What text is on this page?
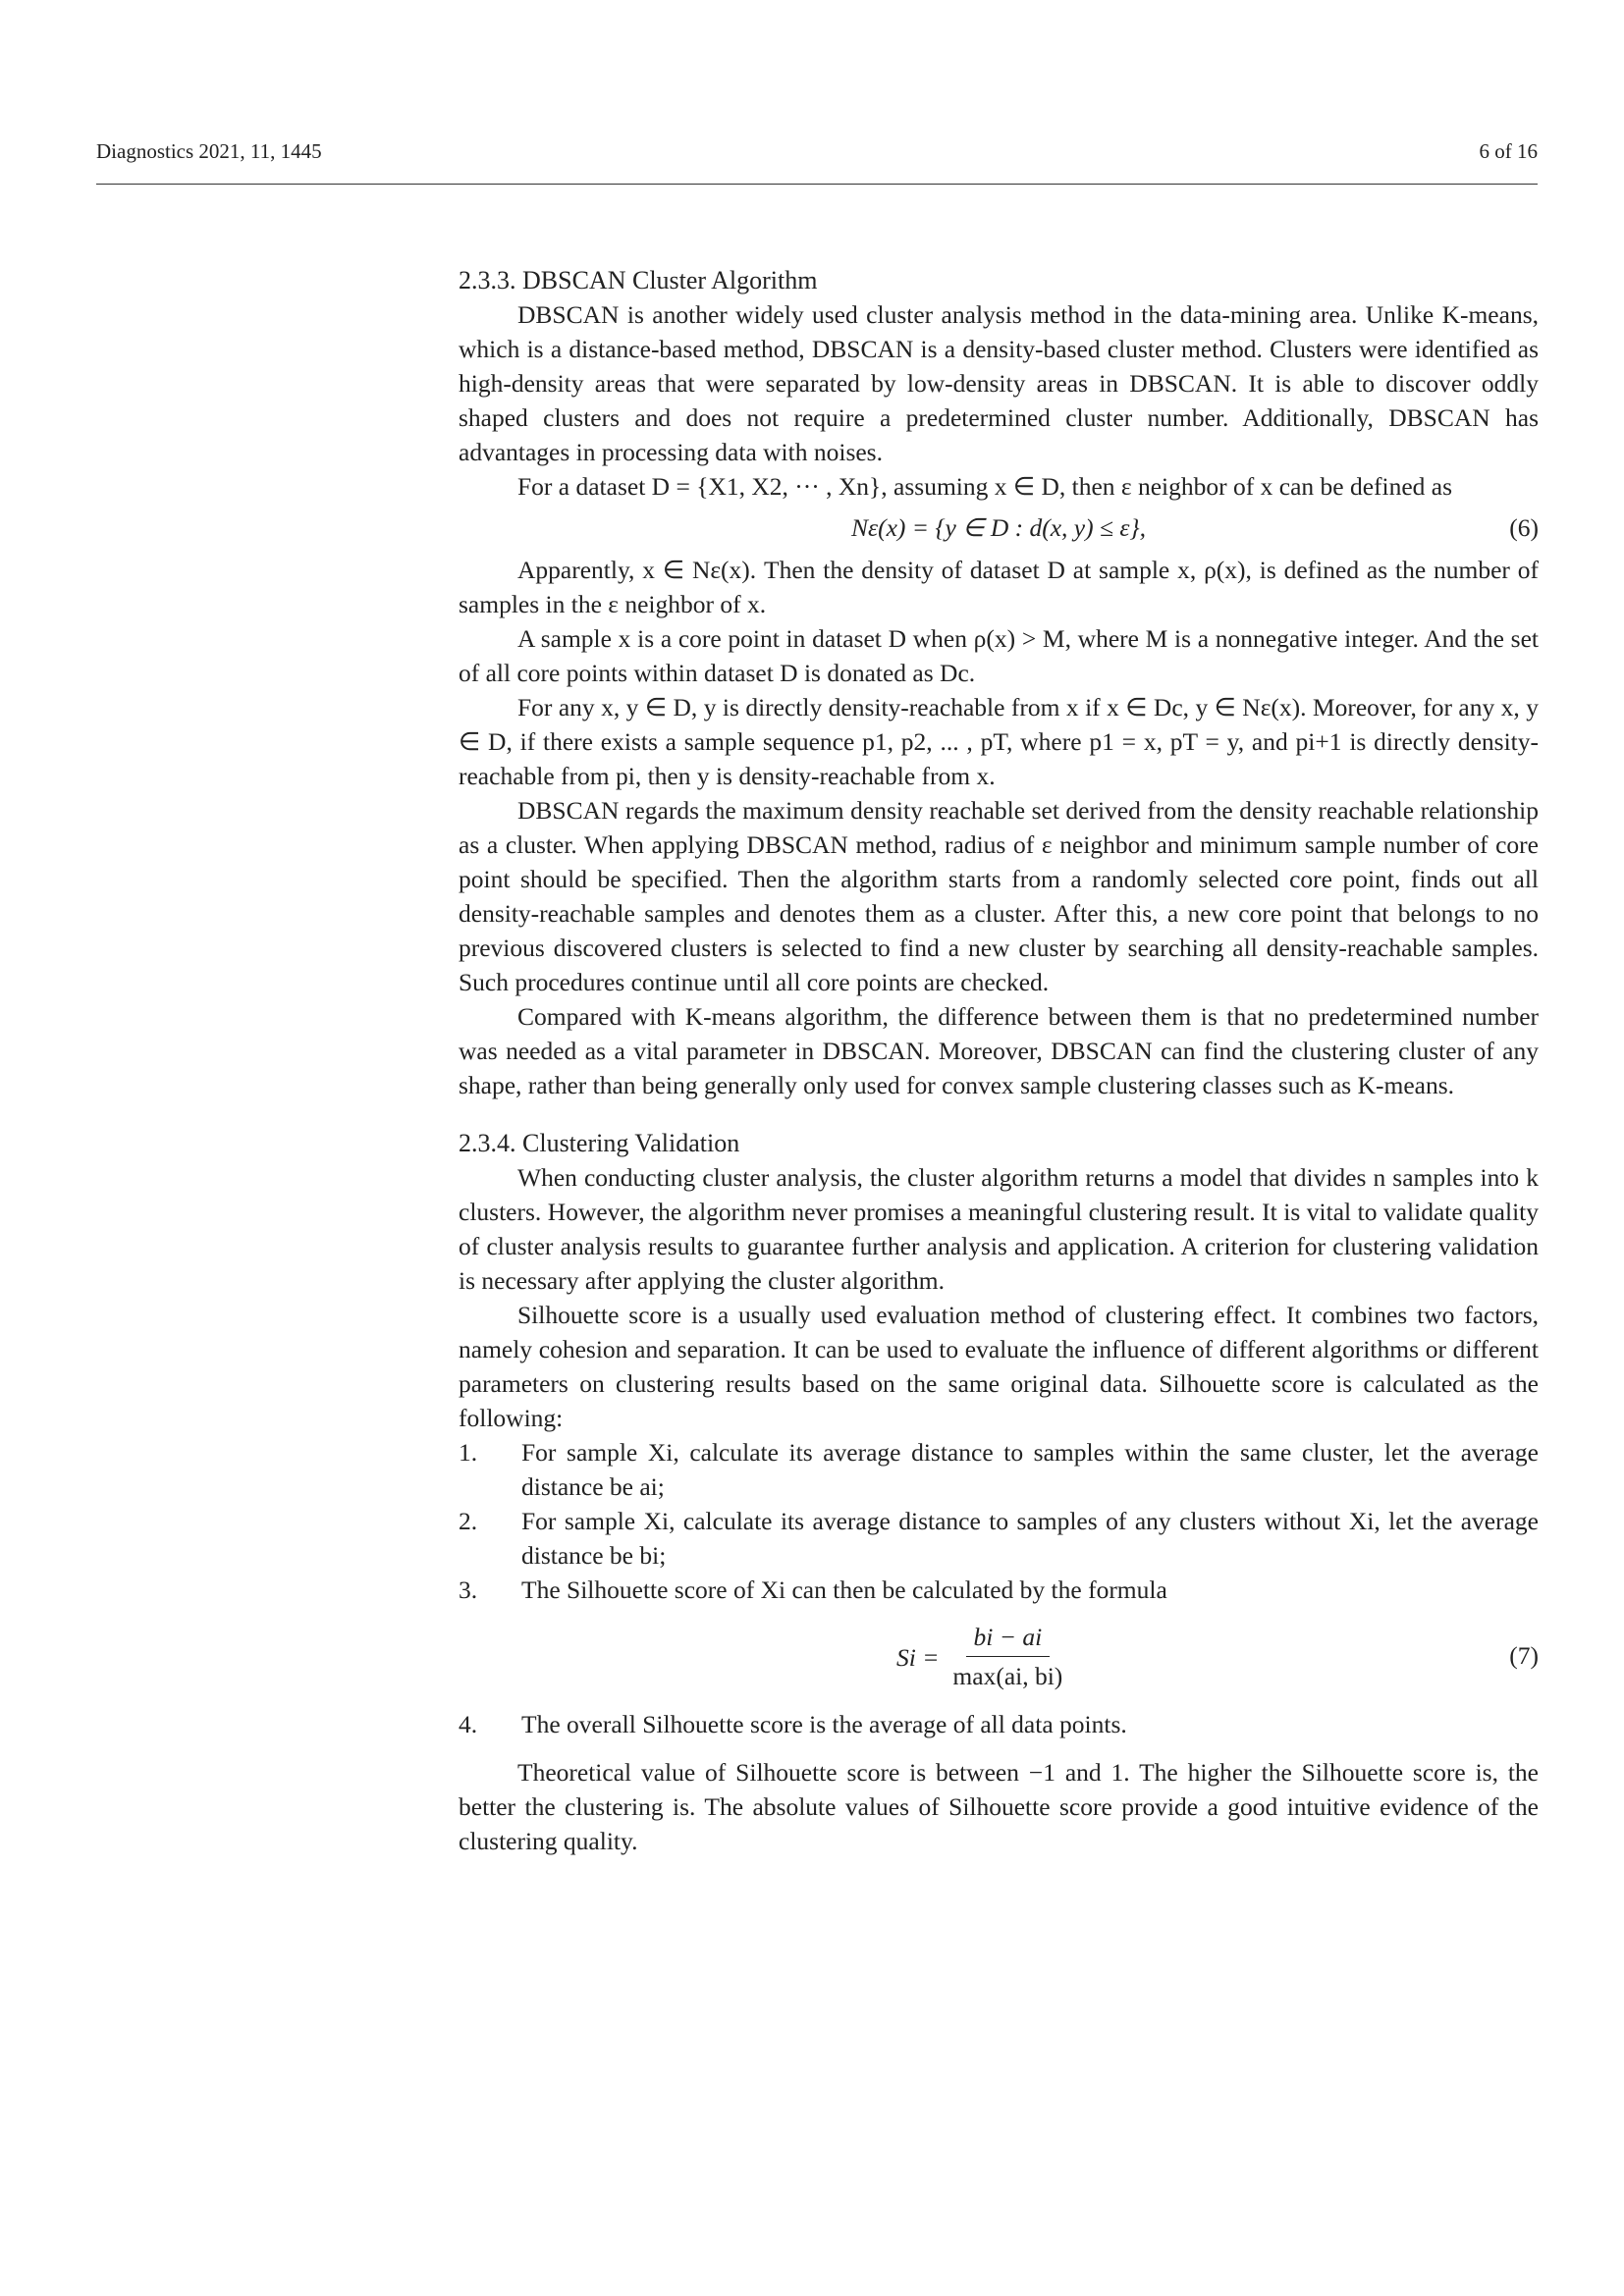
Diagnostics 2021, 11, 1445	6 of 16
2.3.3. DBSCAN Cluster Algorithm

DBSCAN is another widely used cluster analysis method in the data-mining area. Unlike K-means, which is a distance-based method, DBSCAN is a density-based cluster method. Clusters were identified as high-density areas that were separated by low-density areas in DBSCAN. It is able to discover oddly shaped clusters and does not require a predetermined cluster number. Additionally, DBSCAN has advantages in processing data with noises.

For a dataset D = {X1, X2, ··· , Xn}, assuming x ∈ D, then ε neighbor of x can be defined as

Nε(x) = {y ∈ D : d(x, y) ≤ ε},	(6)

Apparently, x ∈ Nε(x). Then the density of dataset D at sample x, ρ(x), is defined as the number of samples in the ε neighbor of x.

A sample x is a core point in dataset D when ρ(x) > M, where M is a nonnegative integer. And the set of all core points within dataset D is donated as Dc.

For any x, y ∈ D, y is directly density-reachable from x if x ∈ Dc, y ∈ Nε(x). Moreover, for any x, y ∈ D, if there exists a sample sequence p1, p2, ... , pT, where p1 = x, pT = y, and pi+1 is directly density-reachable from pi, then y is density-reachable from x.

DBSCAN regards the maximum density reachable set derived from the density reachable relationship as a cluster. When applying DBSCAN method, radius of ε neighbor and minimum sample number of core point should be specified. Then the algorithm starts from a randomly selected core point, finds out all density-reachable samples and denotes them as a cluster. After this, a new core point that belongs to no previous discovered clusters is selected to find a new cluster by searching all density-reachable samples. Such procedures continue until all core points are checked.

Compared with K-means algorithm, the difference between them is that no predetermined number was needed as a vital parameter in DBSCAN. Moreover, DBSCAN can find the clustering cluster of any shape, rather than being generally only used for convex sample clustering classes such as K-means.

2.3.4. Clustering Validation

When conducting cluster analysis, the cluster algorithm returns a model that divides n samples into k clusters. However, the algorithm never promises a meaningful clustering result. It is vital to validate quality of cluster analysis results to guarantee further analysis and application. A criterion for clustering validation is necessary after applying the cluster algorithm.

Silhouette score is a usually used evaluation method of clustering effect. It combines two factors, namely cohesion and separation. It can be used to evaluate the influence of different algorithms or different parameters on clustering results based on the same original data. Silhouette score is calculated as the following:

1. For sample Xi, calculate its average distance to samples within the same cluster, let the average distance be ai;
2. For sample Xi, calculate its average distance to samples of any clusters without Xi, let the average distance be bi;
3. The Silhouette score of Xi can then be calculated by the formula
$Si = \frac{bi - ai}{\max(ai, bi)}$	(7)
4. The overall Silhouette score is the average of all data points.

Theoretical value of Silhouette score is between −1 and 1. The higher the Silhouette score is, the better the clustering is. The absolute values of Silhouette score provide a good intuitive evidence of the clustering quality.
